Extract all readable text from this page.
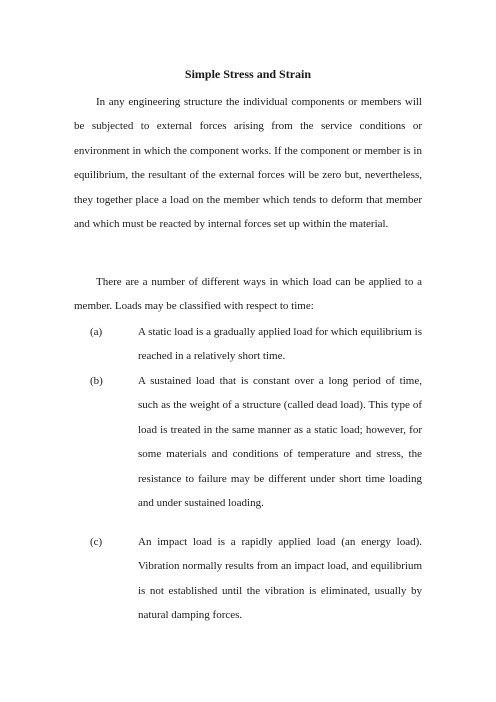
Simple Stress and Strain

In any engineering structure the individual components or members will be subjected to external forces arising from the service conditions or environment in which the component works. If the component or member is in equilibrium, the resultant of the external forces will be zero but, nevertheless, they together place a load on the member which tends to deform that member and which must be reacted by internal forces set up within the material.

There are a number of different ways in which load can be applied to a member. Loads may be classified with respect to time:

(a)	A static load is a gradually applied load for which equilibrium is reached in a relatively short time.

(b)	A sustained load that is constant over a long period of time, such as the weight of a structure (called dead load). This type of load is treated in the same manner as a static load; however, for some materials and conditions of temperature and stress, the resistance to failure may be different under short time loading and under sustained loading.

(c)	An impact load is a rapidly applied load (an energy load). Vibration normally results from an impact load, and equilibrium is not established until the vibration is eliminated, usually by natural damping forces.
